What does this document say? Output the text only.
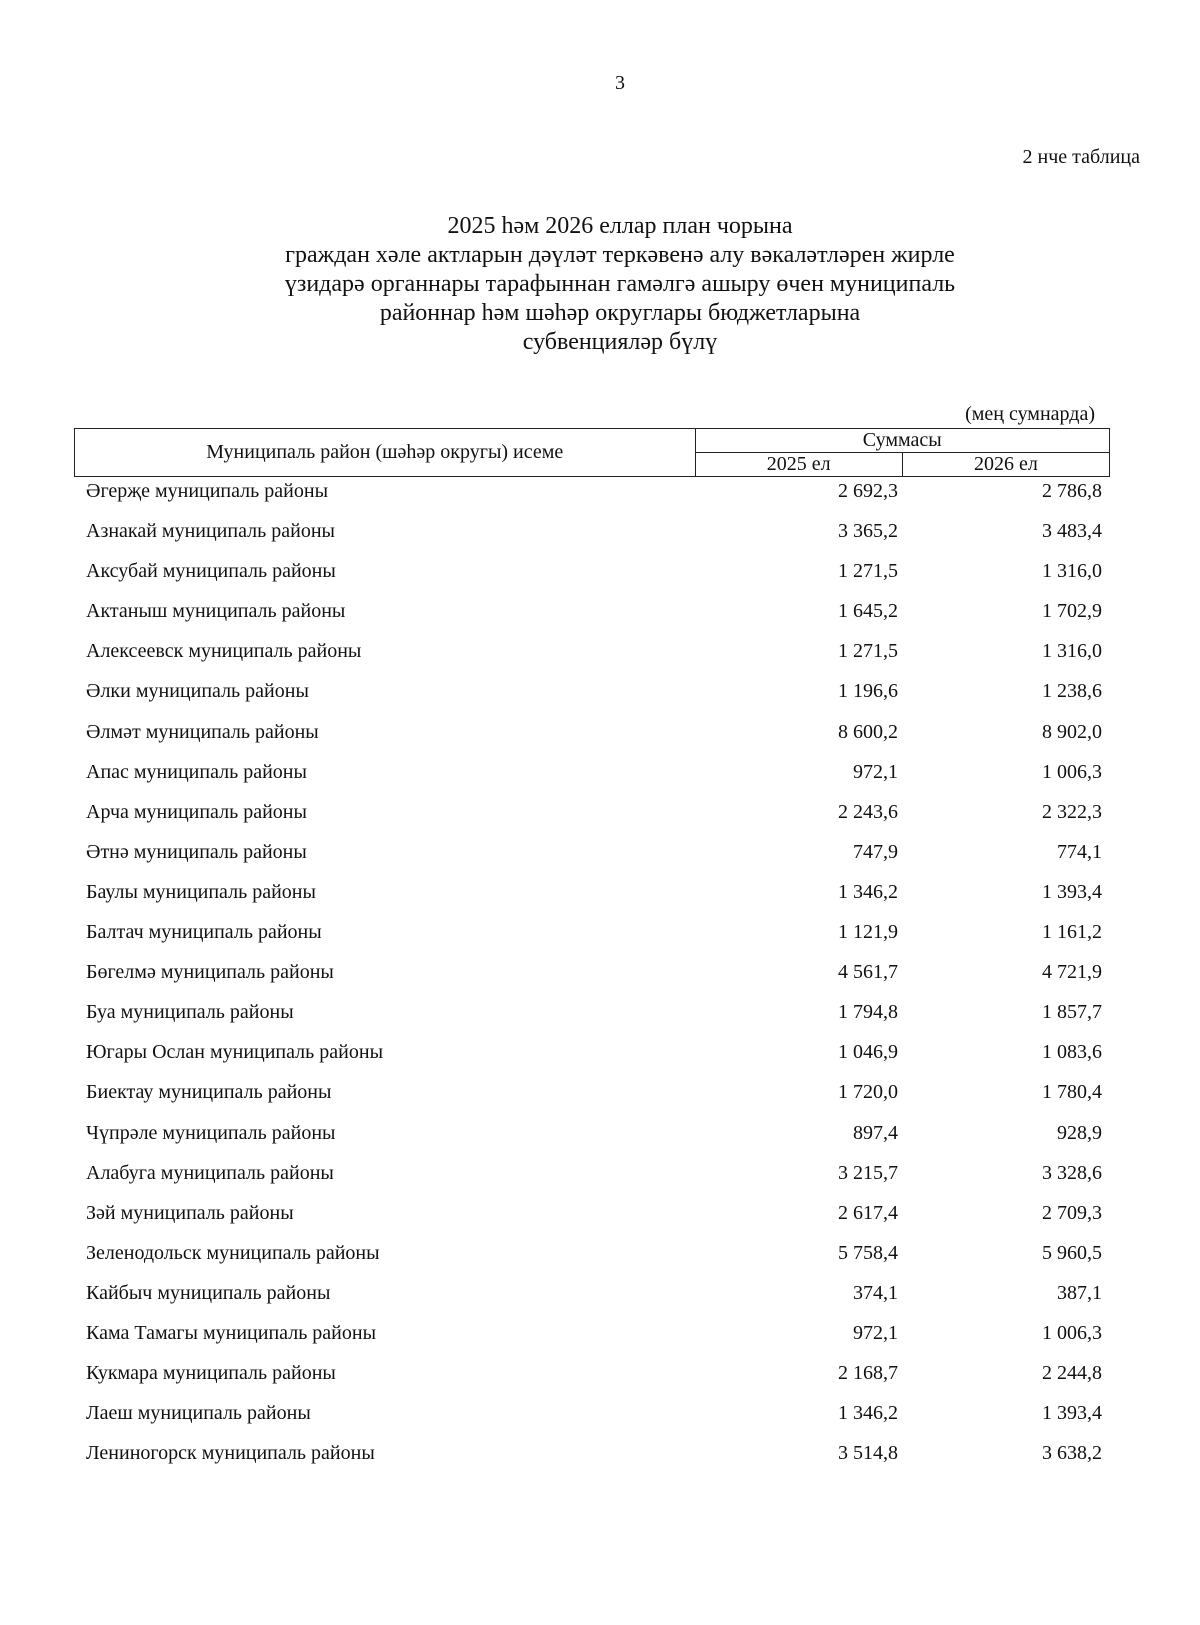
3
2 нче таблица
2025 һәм 2026 еллар план чорына
граждан хәле актларын дәүләт теркәвенә алу вәкаләтләрен жирле
үзидарә органнары тарафыннан гамәлгә ашыру өчен муниципаль
районнар һәм шәһәр округлары бюджетларына
субвенцияләр бүлү
(мең сумнарда)
Муниципаль район (шәһәр округы) исеме	Суммасы	
	2025 ел	2026 ел
Әгерҗе муниципаль районы	2 692,3	2 786,8
Азнакай муниципаль районы	3 365,2	3 483,4
Аксубай муниципаль районы	1 271,5	1 316,0
Актаныш муниципаль районы	1 645,2	1 702,9
Алексеевск муниципаль районы	1 271,5	1 316,0
Әлки муниципаль районы	1 196,6	1 238,6
Әлмәт муниципаль районы	8 600,2	8 902,0
Апас муниципаль районы	972,1	1 006,3
Арча муниципаль районы	2 243,6	2 322,3
Әтнә муниципаль районы	747,9	774,1
Баулы муниципаль районы	1 346,2	1 393,4
Балтач муниципаль районы	1 121,9	1 161,2
Бөгелмә муниципаль районы	4 561,7	4 721,9
Буа муниципаль районы	1 794,8	1 857,7
Югары Ослан муниципаль районы	1 046,9	1 083,6
Биектау муниципаль районы	1 720,0	1 780,4
Чүпрәле муниципаль районы	897,4	928,9
Алабуга муниципаль районы	3 215,7	3 328,6
Зәй муниципаль районы	2 617,4	2 709,3
Зеленодольск муниципаль районы	5 758,4	5 960,5
Кайбыч муниципаль районы	374,1	387,1
Кама Тамагы муниципаль районы	972,1	1 006,3
Кукмара муниципаль районы	2 168,7	2 244,8
Лаеш муниципаль районы	1 346,2	1 393,4
Лениногорск муниципаль районы	3 514,8	3 638,2
